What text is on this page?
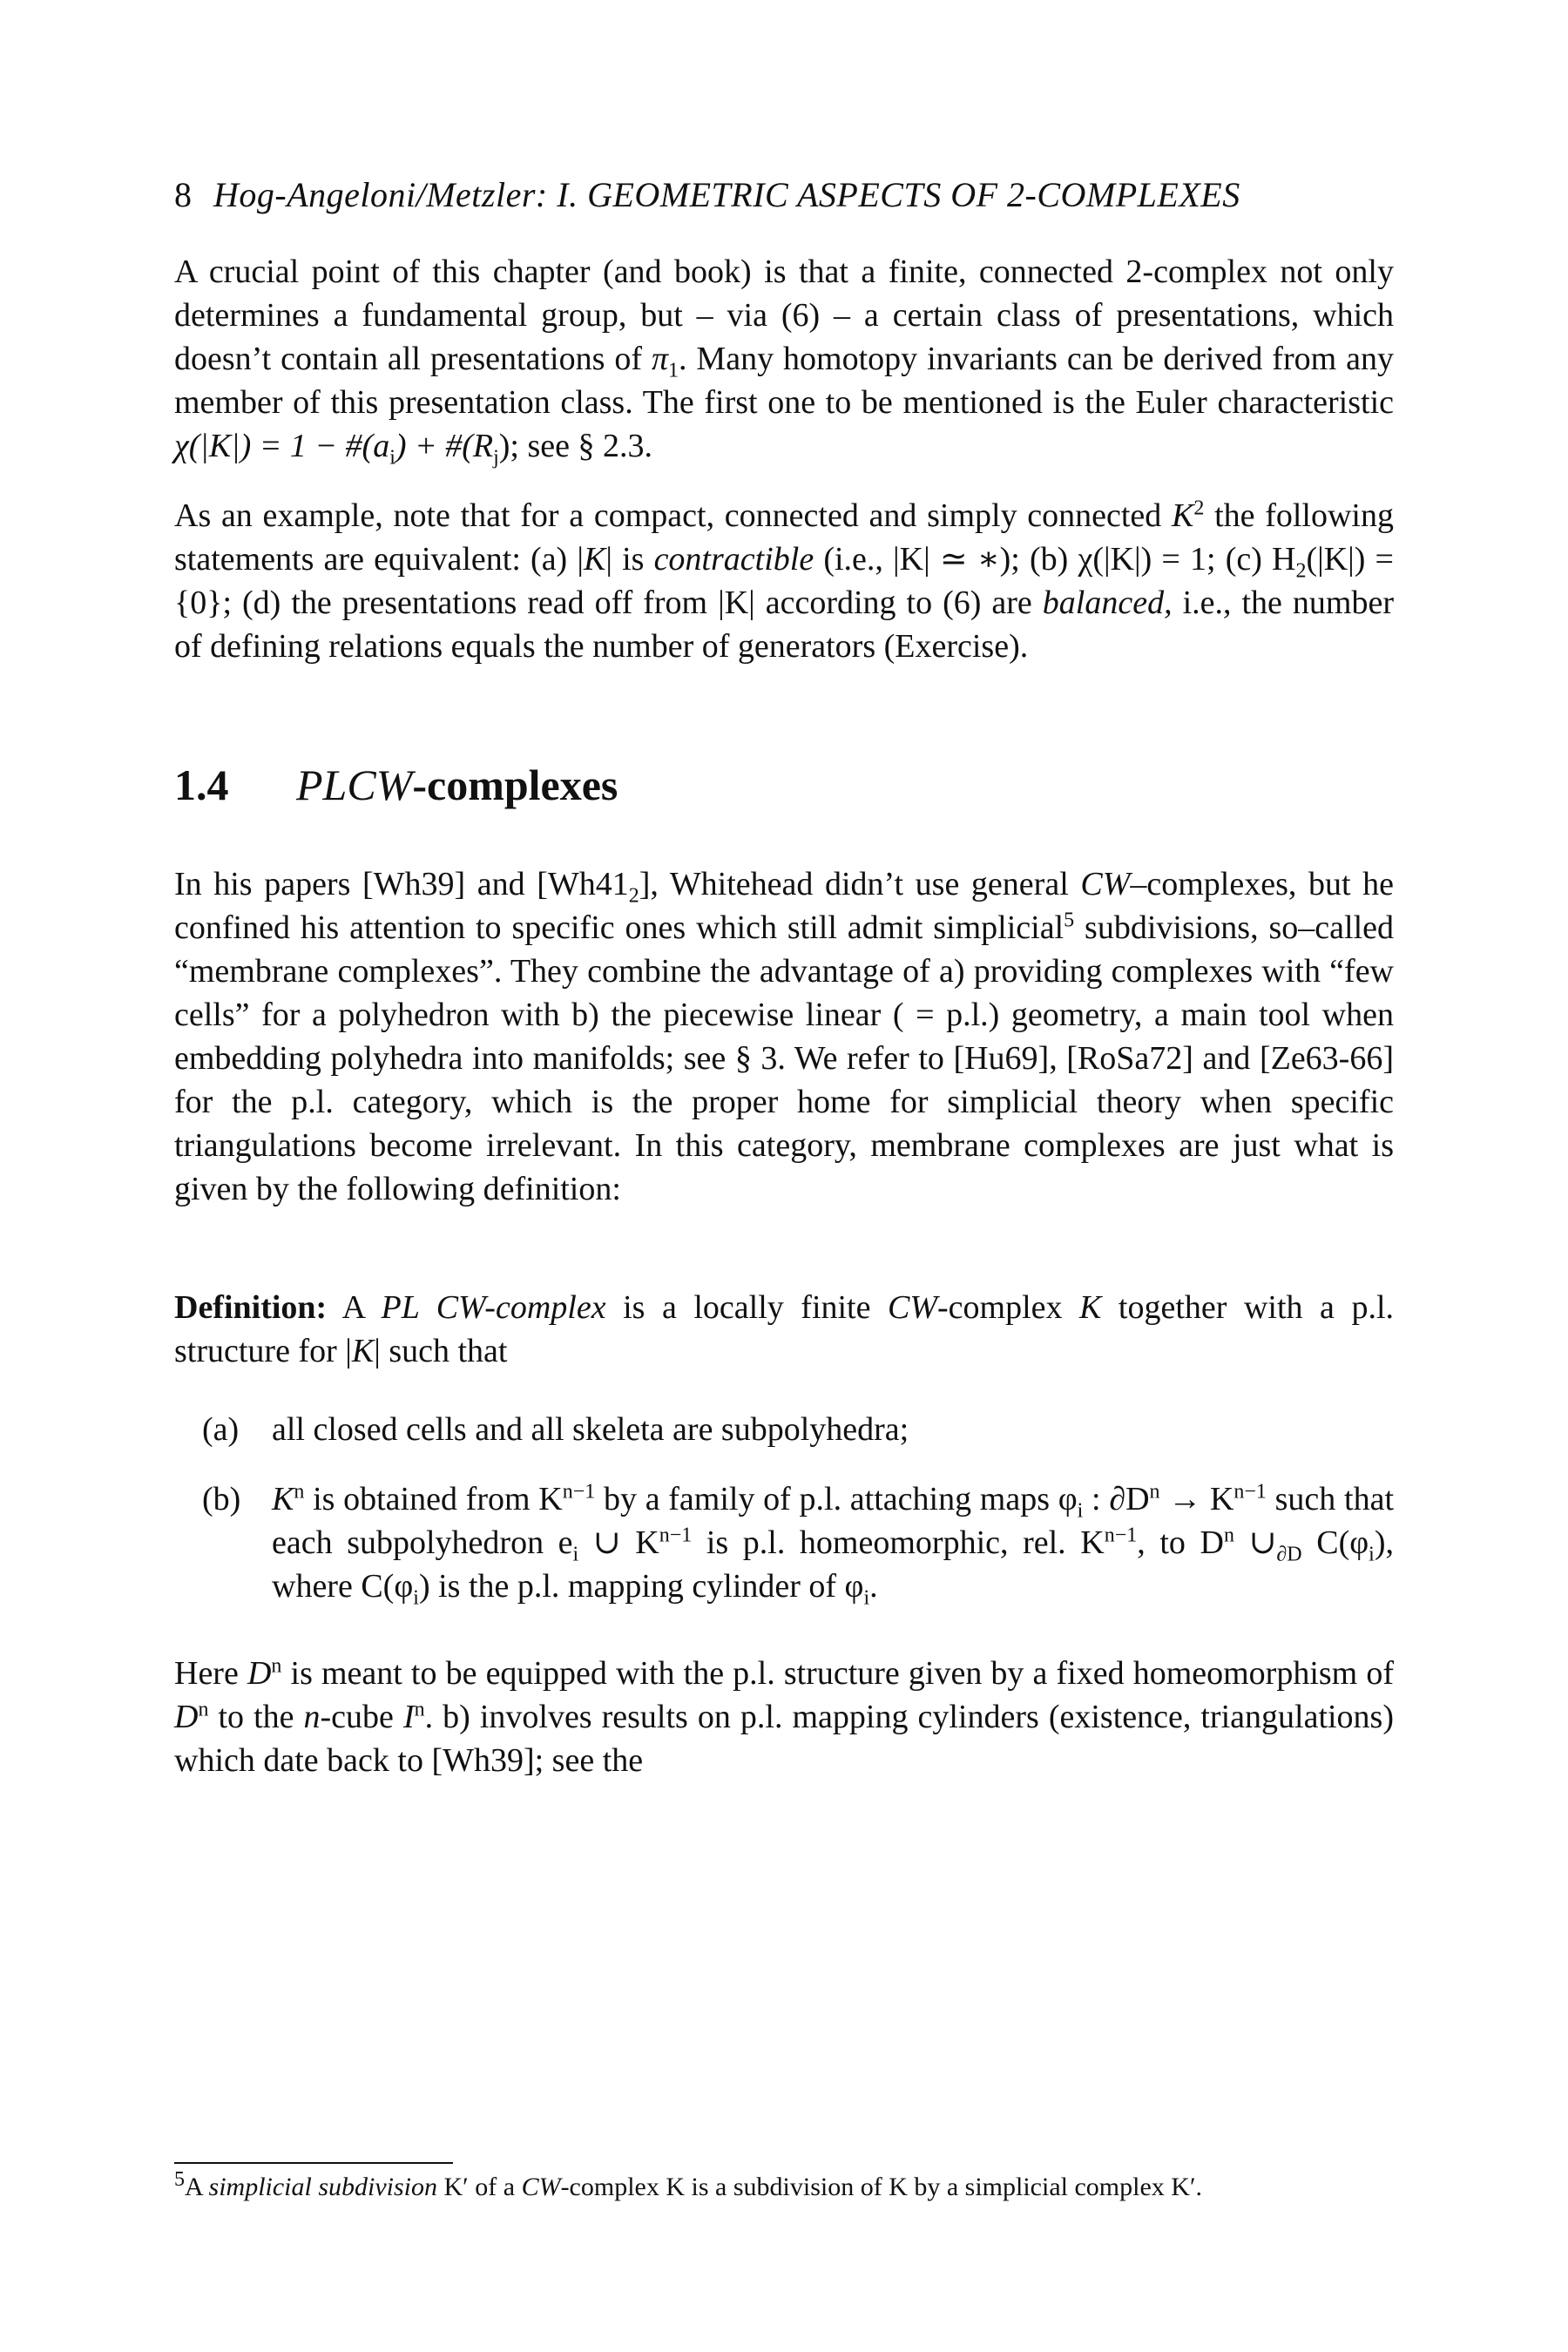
8 Hog-Angeloni/Metzler: I. GEOMETRIC ASPECTS OF 2-COMPLEXES

A crucial point of this chapter (and book) is that a finite, connected 2-complex not only determines a fundamental group, but – via (6) – a certain class of presentations, which doesn’t contain all presentations of $\pi_1$. Many homotopy invariants can be derived from any member of this presentation class. The first one to be mentioned is the Euler characteristic $\chi(|K|) = 1 - \#(a_i)$ + $\#(R_j)$; see § 2.3.

As an example, note that for a compact, connected and simply connected $K^2$ the following statements are equivalent: (a) |K| is contractible (i.e., |K| ≃ ∗); (b) χ(|K|) = 1; (c) $H_2(|K|) = \{0\}$; (d) the presentations read off from |K| according to (6) are balanced, i.e., the number of defining relations equals the number of generators (Exercise).

1.4 PLCW-complexes

In his papers [Wh39] and $[Wh41_2]$, Whitehead didn’t use general CW–complexes, but he confined his attention to specific ones which still admit simplicial$^5$ subdivisions, so–called “membrane complexes”. They combine the advantage of a) providing complexes with “few cells” for a polyhedron with b) the piecewise linear ( = p.l.) geometry, a main tool when embedding polyhedra into manifolds; see § 3. We refer to [Hu69], [RoSa72] and [Ze63-66] for the p.l. category, which is the proper home for simplicial theory when specific triangulations become irrelevant. In this category, membrane complexes are just what is given by the following definition:

Definition: A PL CW-complex is a locally finite CW-complex K together with a p.l. structure for |K| such that

(a) all closed cells and all skeleta are subpolyhedra;
(b) $K^n$ is obtained from $K^{n-1}$ by a family of p.l. attaching maps $\varphi_i$ : $\partial D^n \to K^{n-1}$ such that each subpolyhedron $e_i$ ∪ $K^{n-1}$ is p.l. homeomorphic, rel. $K^{n-1}$, to $D^n$ $\cup_{\partial D}$ $C(\varphi_i)$, where $C(\varphi_i)$ is the p.l. mapping cylinder of $\varphi_i$.

Here $D^n$ is meant to be equipped with the p.l. structure given by a fixed homeomorphism of $D^n$ to the n-cube $I^n$. b) involves results on p.l. mapping cylinders (existence, triangulations) which date back to [Wh39]; see the

$^5$A simplicial subdivision K′ of a CW-complex K is a subdivision of K by a simplicial complex K′.
